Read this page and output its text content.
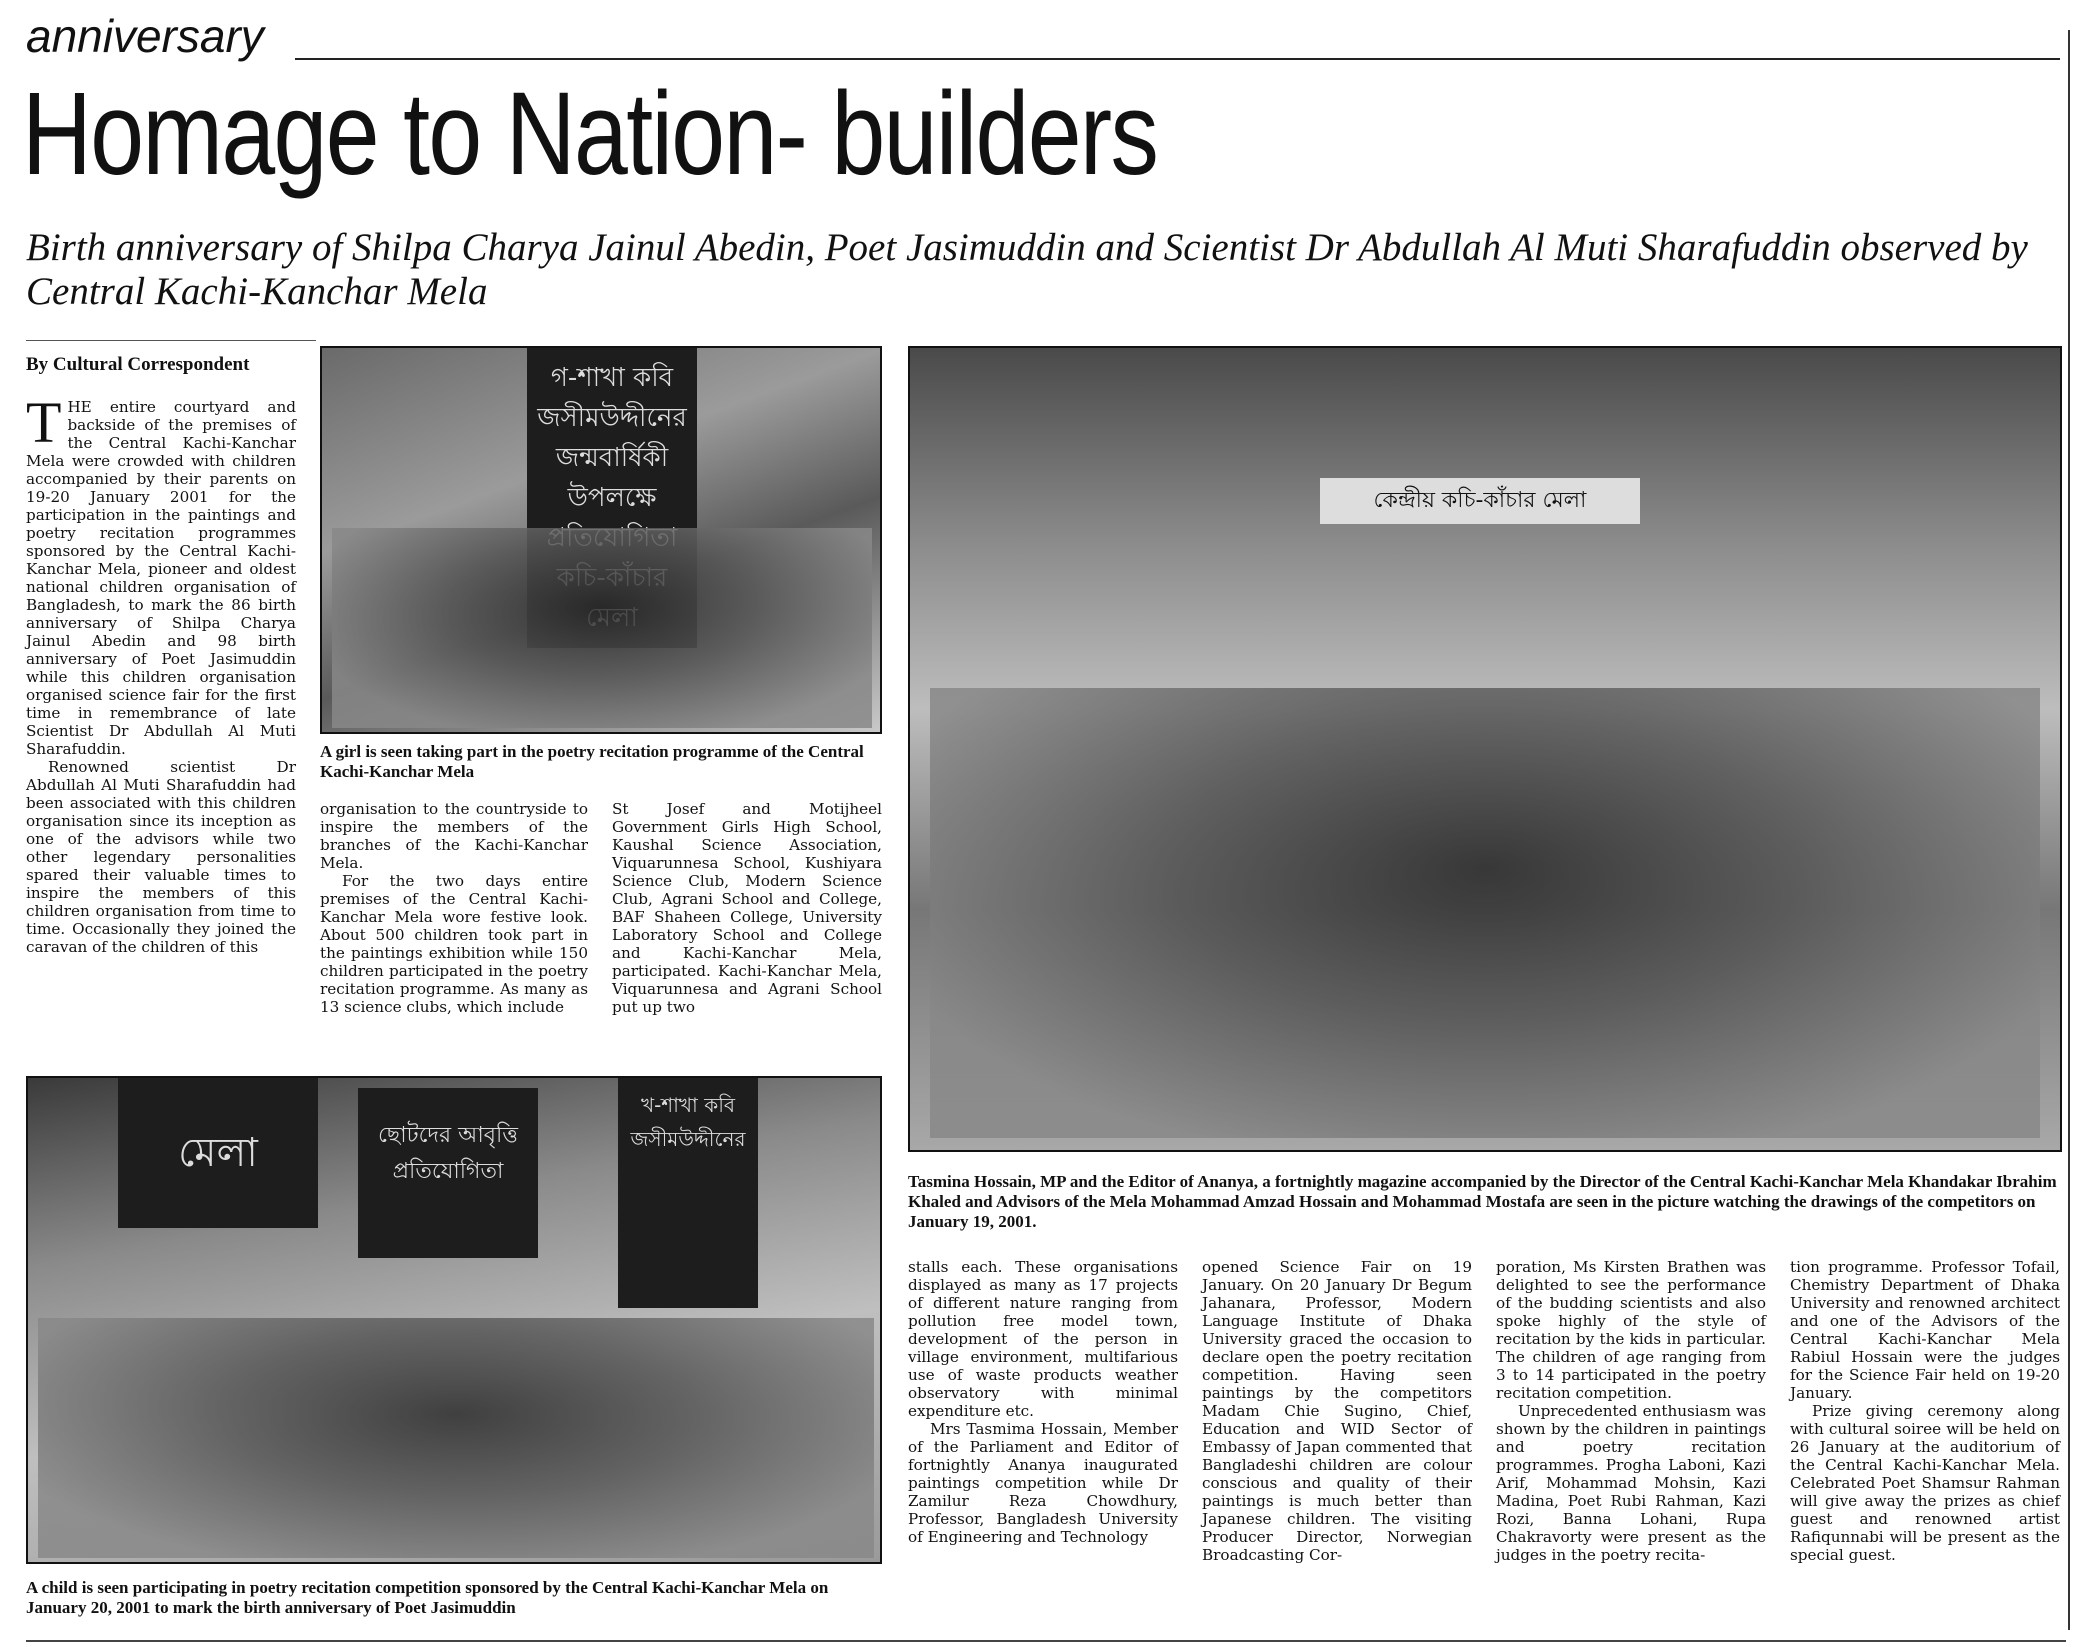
anniversary
Homage to Nation- builders
Birth anniversary of Shilpa Charya Jainul Abedin, Poet Jasimuddin and Scientist Dr Abdullah Al Muti Sharafuddin observed by Central Kachi-Kanchar Mela
By Cultural Correspondent

THE entire courtyard and backside of the premises of the Central Kachi-Kanchar Mela were crowded with children accompanied by their parents on 19-20 January 2001 for the participation in the paintings and poetry recitation programmes sponsored by the Central Kachi-Kanchar Mela, pioneer and oldest national children organisation of Bangladesh, to mark the 86 birth anniversary of Shilpa Charya Jainul Abedin and 98 birth anniversary of Poet Jasimuddin while this children organisation organised science fair for the first time in remembrance of late Scientist Dr Abdullah Al Muti Sharafuddin.

Renowned scientist Dr Abdullah Al Muti Sharafuddin had been associated with this children organisation since its inception as one of the advisors while two other legendary personalities spared their valuable times to inspire the members of this children organisation from time to time. Occasionally they joined the caravan of the children of this

গ-শাখা কবি জসীমউদ্দীনের জন্মবার্ষিকী উপলক্ষে
A girl is seen taking part in the poetry recitation programme of the Central Kachi-Kanchar Mela

organisation to the countryside to inspire the members of the branches of the Kachi-Kanchar Mela.

For the two days entire premises of the Central Kachi-Kanchar Mela wore festive look. About 500 children took part in the paintings exhibition while 150 children participated in the poetry recitation programme. As many as 13 science clubs, which include

St Josef and Motijheel Government Girls High School, Kaushal Science Association, Viquarunnesa School, Kushiyara Science Club, Modern Science Club, Agrani School and College, BAF Shaheen College, University Laboratory School and College and Kachi-Kanchar Mela, participated. Kachi-Kanchar Mela, Viquarunnesa and Agrani School put up two

কেন্দ্রীয় কচি-কাঁচার মেলা
Tasmina Hossain, MP and the Editor of Ananya, a fortnightly magazine accompanied by the Director of the Central Kachi-Kanchar Mela Khandakar Ibrahim Khaled and Advisors of the Mela Mohammad Amzad Hossain and Mohammad Mostafa are seen in the picture watching the drawings of the competitors on January 19, 2001.
মেলা	ছোটদের আবৃত্তি প্রতিযোগিতা
খ-শাখা কবি জসীমউদ্দীনের
A child is seen participating in poetry recitation competition sponsored by the Central Kachi-Kanchar Mela on January 20, 2001 to mark the birth anniversary of Poet Jasimuddin

stalls each. These organisations displayed as many as 17 projects of different nature ranging from pollution free model town, development of the person in village environment, multifarious use of waste products weather observatory with minimal expenditure etc.

Mrs Tasmima Hossain, Member of the Parliament and Editor of fortnightly Ananya inaugurated paintings competition while Dr Zamilur Reza Chowdhury, Professor, Bangladesh University of Engineering and Technology

opened Science Fair on 19 January. On 20 January Dr Begum Jahanara, Professor, Modern Language Institute of Dhaka University graced the occasion to declare open the poetry recitation competition. Having seen paintings by the competitors Madam Chie Sugino, Chief, Education and WID Sector of Embassy of Japan commented that Bangladeshi children are colour conscious and quality of their paintings is much better than Japanese children. The visiting Producer Director, Norwegian Broadcasting Cor-

poration, Ms Kirsten Brathen was delighted to see the performance of the budding scientists and also spoke highly of the style of recitation by the kids in particular. The children of age ranging from 3 to 14 participated in the poetry recitation competition.

Unprecedented enthusiasm was shown by the children in paintings and poetry recitation programmes. Progha Laboni, Kazi Arif, Mohammad Mohsin, Kazi Madina, Poet Rubi Rahman, Kazi Rozi, Banna Lohani, Rupa Chakravorty were present as the judges in the poetry recita-

tion programme. Professor Tofail, Chemistry Department of Dhaka University and renowned architect and one of the Advisors of the Central Kachi-Kanchar Mela Rabiul Hossain were the judges for the Science Fair held on 19-20 January.

Prize giving ceremony along with cultural soiree will be held on 26 January at the auditorium of the Central Kachi-Kanchar Mela. Celebrated Poet Shamsur Rahman will give away the prizes as chief guest and renowned artist Rafiqunnabi will be present as the special guest.
